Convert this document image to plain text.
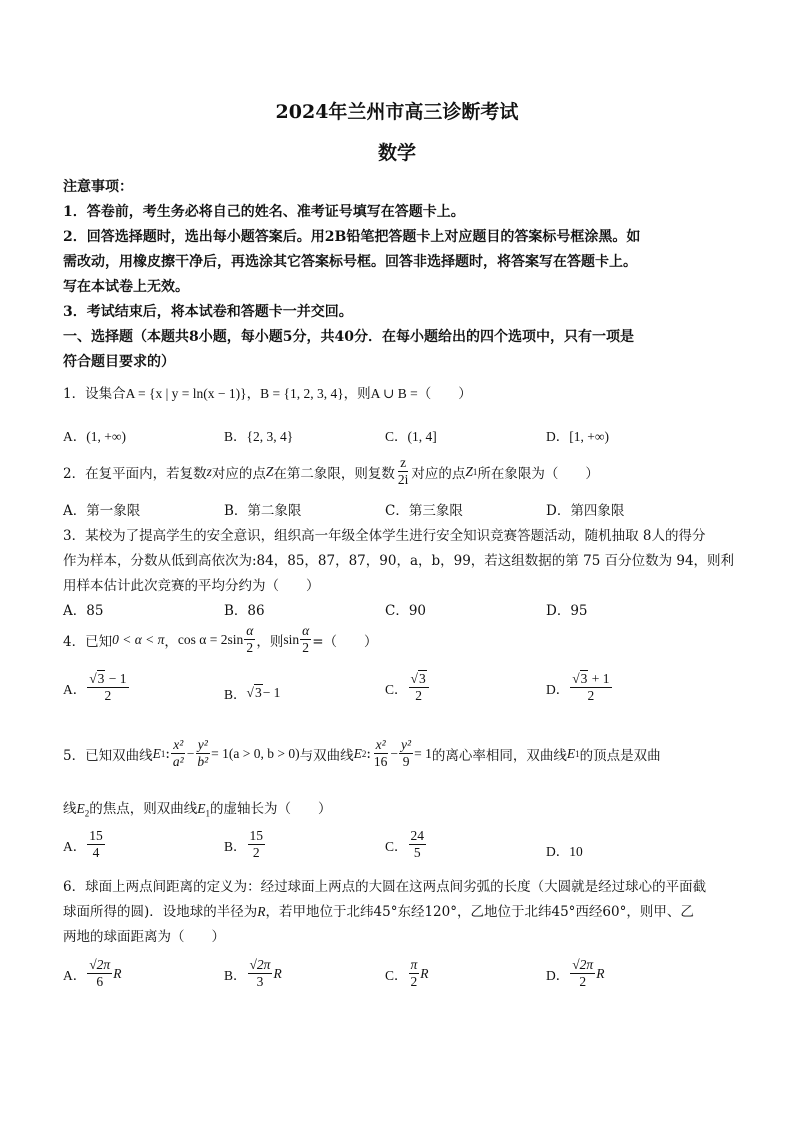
2024年兰州市高三诊断考试
数学
注意事项：
1．答卷前，考生务必将自己的姓名、准考证号填写在答题卡上。
2．回答选择题时，选出每小题答案后。用2B铅笔把答题卡上对应题目的答案标号框涂黑。如
需改动，用橡皮擦干净后，再选涂其它答案标号框。回答非选择题时，将答案写在答题卡上。
写在本试卷上无效。
3．考试结束后，将本试卷和答题卡一并交回。
一、选择题（本题共8小题，每小题5分，共40分．在每小题给出的四个选项中，只有一项是
符合题目要求的）
1．设集合A = {x | y = ln(x − 1)}，B = {1, 2, 3, 4}，则A ∪ B =（　　）
A．(1, +∞)	B．{2, 3, 4}	C．(1, 4]	D．[1, +∞)
2．在复平面内，若复数 z 对应的点 Z 在第二象限，则复数 $\frac{z}{2i}$ 对应的点 Z 1 所在象限为（　　）
A．第一象限	B．第二象限	C．第三象限	D．第四象限
3．某校为了提高学生的安全意识，组织高一年级全体学生进行安全知识竞赛答题活动，随机抽取 8人的得分
作为样本，分数从低到高依次为:84，85，87，87，90，a，b，99，若这组数据的第 75 百分位数为 94，则利
用样本估计此次竞赛的平均分约为（　　）
A．85	B．86	C．90	D．95
4．已知 0 < α < π ， $\cos \alpha = 2\sin \frac{\alpha}{2}$ ，则 $\sin \frac{\alpha}{2}$ =（　　）
A． $\frac{√3 - 1}{2}$	B． √3 − 1	C． $\frac{√3}{2}$	D． $\frac{√3 + 1}{2}$
5．已知双曲线 E 1 : $\frac{\text{x²}}{\text{a²}} - \frac{\text{y²}}{\text{b²}} = 1(a > 0$, b > 0) 与双曲线 E 2 : $\frac{\text{x²}}{16} - \frac{\text{y²}}{9} = 1$ 的离心率相同，双曲线 E 1 的顶点是双曲
线$E_2$的焦点，则双曲线$E_1$的虚轴长为（　　）
A． $\frac{15}{4}$	B． $\frac{15}{2}$	C． $\frac{24}{5}$	D．10
6．球面上两点间距离的定义为：经过球面上两点的大圆在这两点间劣弧的长度（大圆就是经过球心的平面截
球面所得的圆)．设地球的半径为R，若甲地位于北纬45°东经120°，乙地位于北纬45°西经60°，则甲、乙
两地的球面距离为（　　）
A． $\frac{√2\pi}{6}$ R	B． $\frac{√2\pi}{3}$ R	C． $\frac{\pi}{2}$ R	D． $\frac{√2\pi}{2}$ R
